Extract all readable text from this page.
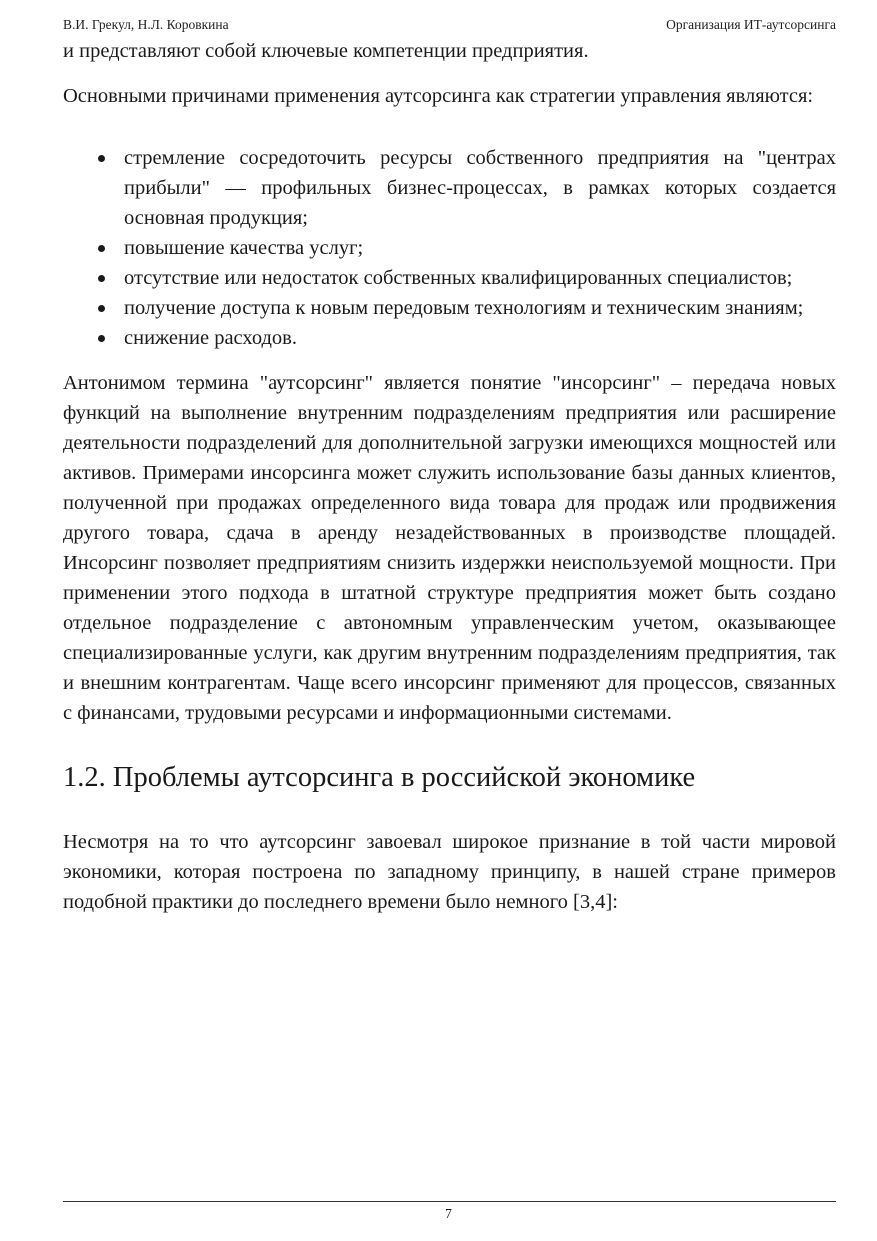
В.И. Грекул, Н.Л. Коровкина	Организация ИТ-аутсорсинга

и представляют собой ключевые компетенции предприятия.

Основными причинами применения аутсорсинга как стратегии управления являются:

стремление сосредоточить ресурсы собственного предприятия на "центрах прибыли" — профильных бизнес-процессах, в рамках которых создается основная продукция;
повышение качества услуг;
отсутствие или недостаток собственных квалифицированных специалистов;
получение доступа к новым передовым технологиям и техническим знаниям;
снижение расходов.

Антонимом термина "аутсорсинг" является понятие "инсорсинг" – передача новых функций на выполнение внутренним подразделениям предприятия или расширение деятельности подразделений для дополнительной загрузки имеющихся мощностей или активов. Примерами инсорсинга может служить использование базы данных клиентов, полученной при продажах определенного вида товара для продаж или продвижения другого товара, сдача в аренду незадействованных в производстве площадей. Инсорсинг позволяет предприятиям снизить издержки неиспользуемой мощности. При применении этого подхода в штатной структуре предприятия может быть создано отдельное подразделение с автономным управленческим учетом, оказывающее специализированные услуги, как другим внутренним подразделениям предприятия, так и внешним контрагентам. Чаще всего инсорсинг применяют для процессов, связанных с финансами, трудовыми ресурсами и информационными системами.

1.2. Проблемы аутсорсинга в российской экономике

Несмотря на то что аутсорсинг завоевал широкое признание в той части мировой экономики, которая построена по западному принципу, в нашей стране примеров подобной практики до последнего времени было немного [3,4]:

7
